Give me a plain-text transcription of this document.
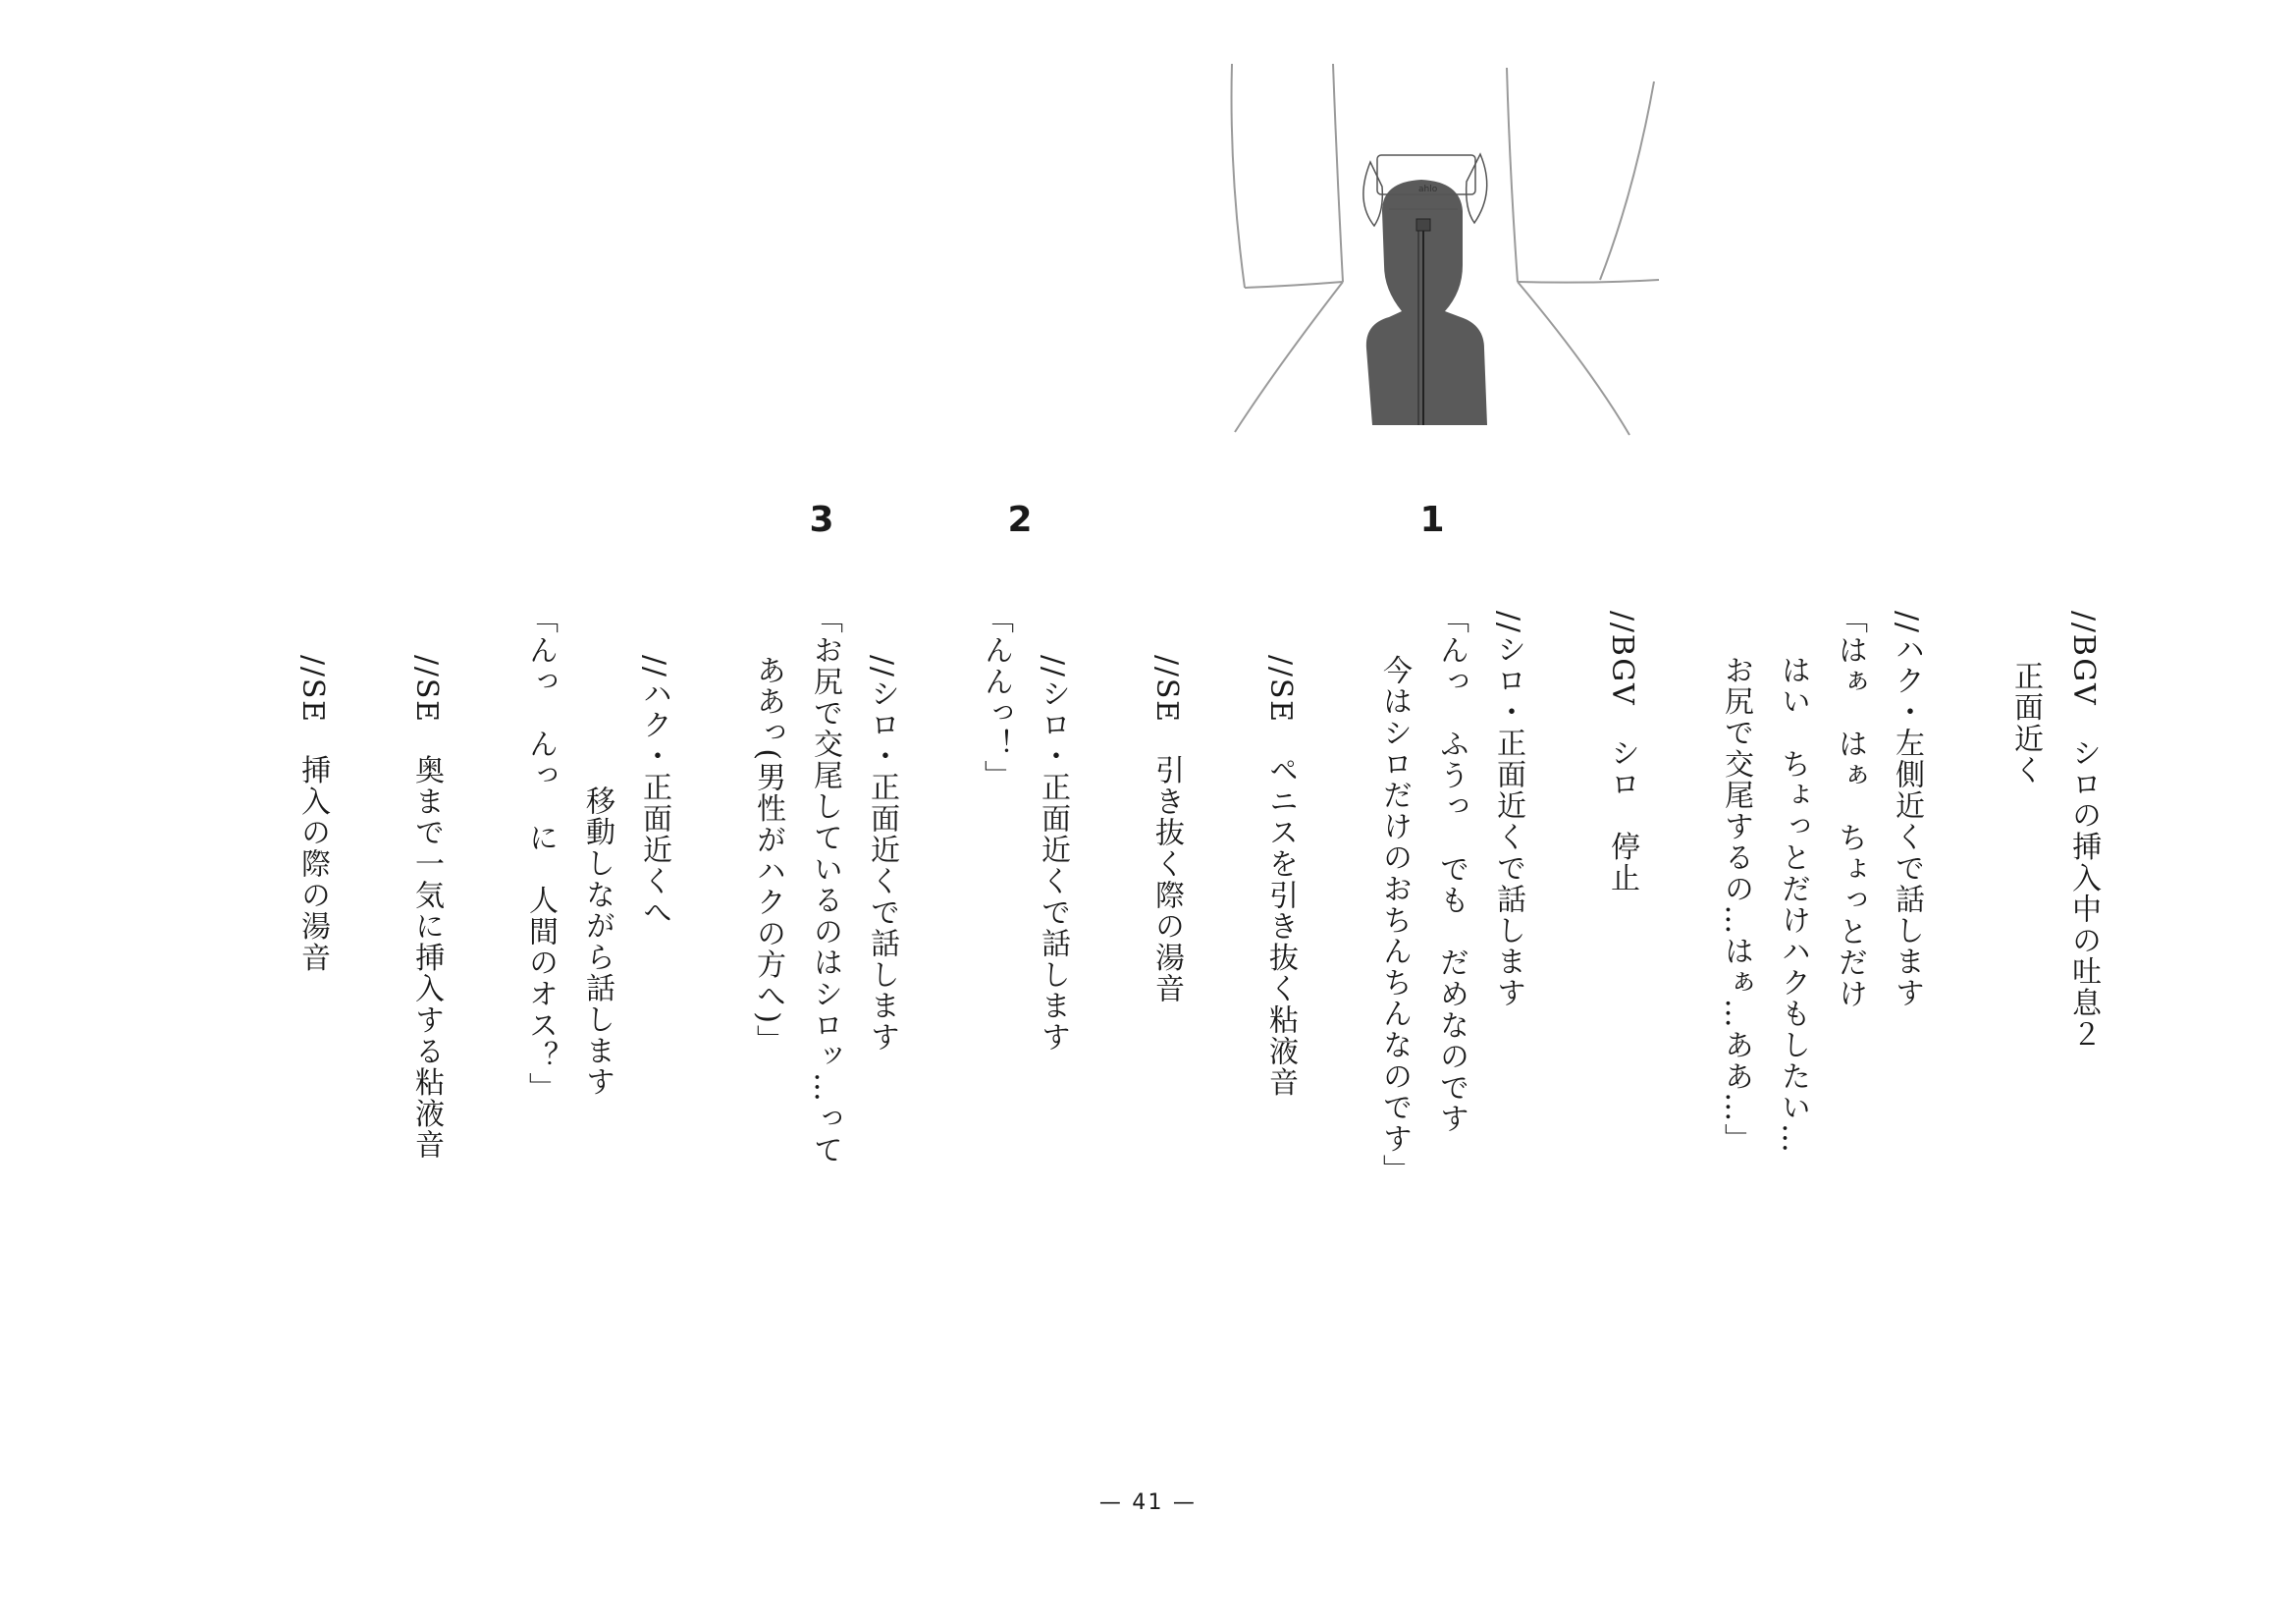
ahlo
1
2
3
//BGV　シロの挿入中の吐息２
正面近く
//ハク・左側近くで話します
「はぁ　はぁ　ちょっとだけ
はい　ちょっとだけハクもしたい…
お尻で交尾するの…はぁ…ああ…」
//BGV　シロ　停止
//シロ・正面近くで話します
「んっ　ふうっ　でも　だめなのです
今はシロだけのおちんちんなのです」
//SE　ペニスを引き抜く粘液音
//SE　引き抜く際の湯音
//シロ・正面近くで話します
「んんっ！」
//シロ・正面近くで話します
「お尻で交尾しているのはシロッ…って
ああっ(男性がハクの方へ)」
//ハク・正面近くへ
移動しながら話します
「んっ　んっ　に　人間のオス？」
//SE　奥まで一気に挿入する粘液音
//SE　挿入の際の湯音
— 41 —
